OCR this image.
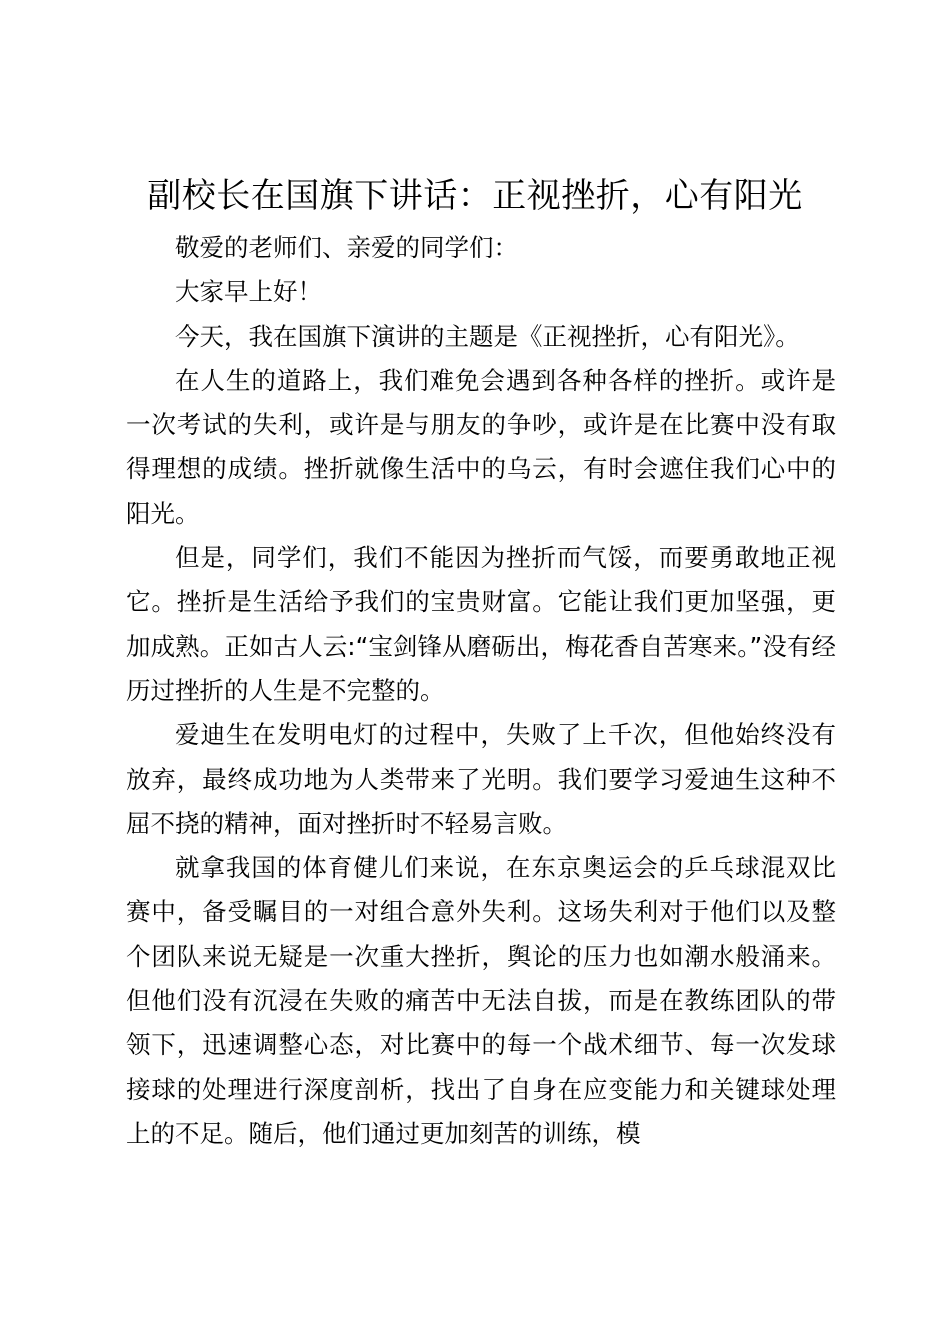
副校长在国旗下讲话：正视挫折，心有阳光

敬爱的老师们、亲爱的同学们：

大家早上好！

今天，我在国旗下演讲的主题是《正视挫折，心有阳光》。

在人生的道路上，我们难免会遇到各种各样的挫折。或许是一次考试的失利，或许是与朋友的争吵，或许是在比赛中没有取得理想的成绩。挫折就像生活中的乌云，有时会遮住我们心中的阳光。

但是，同学们，我们不能因为挫折而气馁，而要勇敢地正视它。挫折是生活给予我们的宝贵财富。它能让我们更加坚强，更加成熟。正如古人云:“宝剑锋从磨砺出，梅花香自苦寒来。”没有经历过挫折的人生是不完整的。

爱迪生在发明电灯的过程中，失败了上千次，但他始终没有放弃，最终成功地为人类带来了光明。我们要学习爱迪生这种不屈不挠的精神，面对挫折时不轻易言败。

就拿我国的体育健儿们来说，在东京奥运会的乒乓球混双比赛中，备受瞩目的一对组合意外失利。这场失利对于他们以及整个团队来说无疑是一次重大挫折，舆论的压力也如潮水般涌来。但他们没有沉浸在失败的痛苦中无法自拔，而是在教练团队的带领下，迅速调整心态，对比赛中的每一个战术细节、每一次发球接球的处理进行深度剖析，找出了自身在应变能力和关键球处理上的不足。随后，他们通过更加刻苦的训练，模
